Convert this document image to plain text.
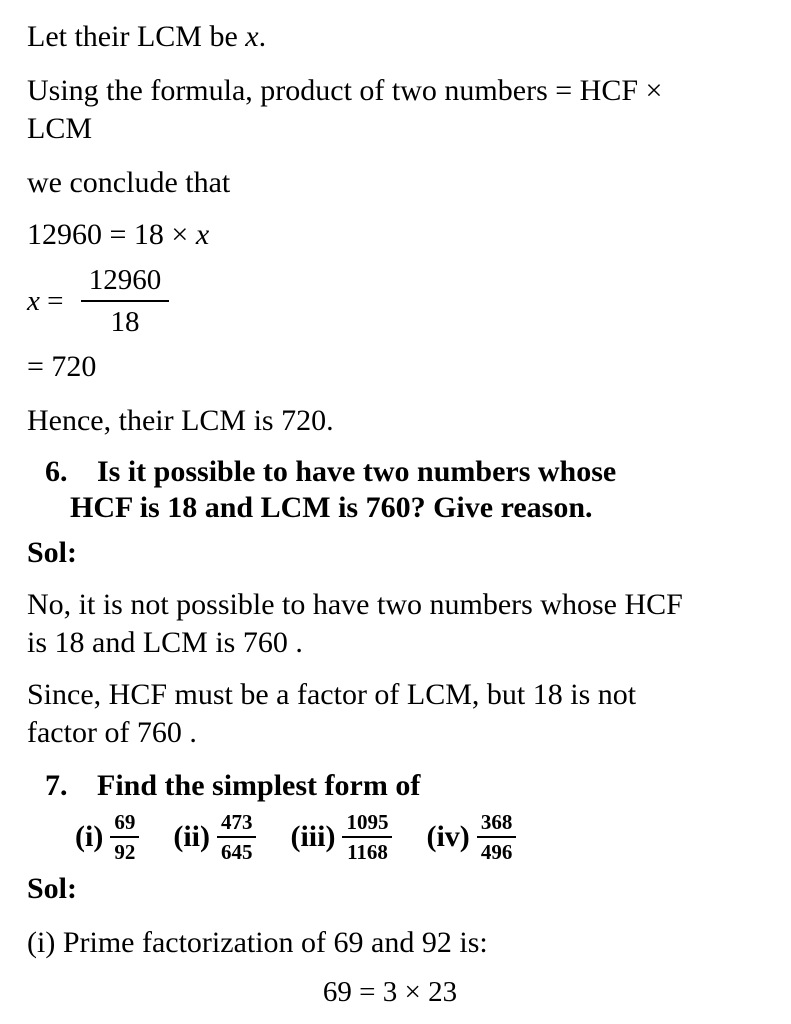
Let their LCM be x.

Using the formula, product of two numbers = HCF ×

LCM

we conclude that

12960 = 18 × x

$x = \frac{12960}{18}$

= 720

Hence, their LCM is 720.

6. Is it possible to have two numbers whose
HCF is 18 and LCM is 760? Give reason.

Sol:

No, it is not possible to have two numbers whose HCF

is 18 and LCM is 760 .

Since, HCF must be a factor of LCM, but 18 is not

factor of 760 .

7. Find the simplest form of
$(i) \frac{69}{92} (ii) \frac{473}{645} (iii) \frac{1095}{1168} (iv) \frac{368}{496}$

Sol:

(i) Prime factorization of 69 and 92 is:

69 = 3 × 23
